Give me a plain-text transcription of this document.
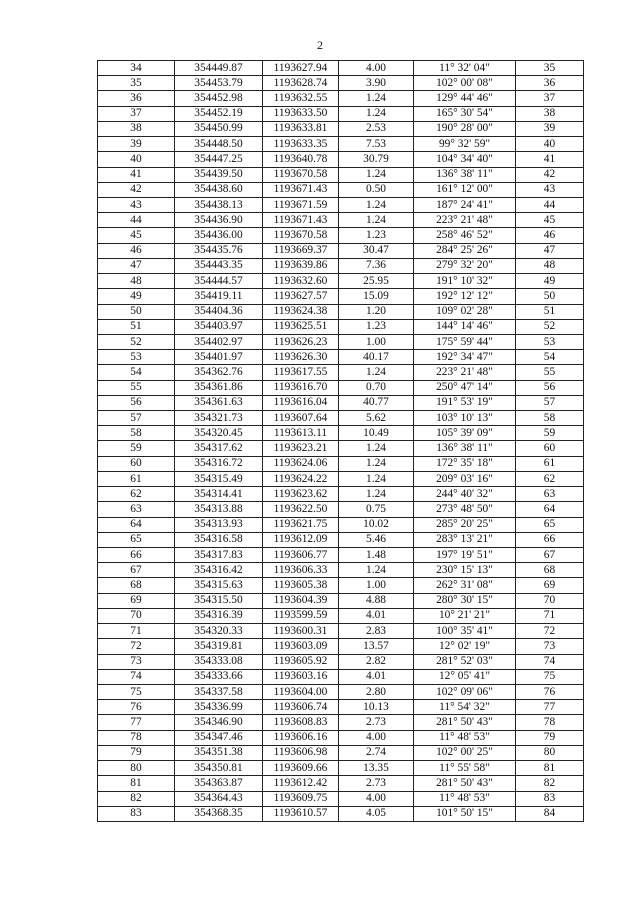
2
34	354449.87	1193627.94	4.00	11° 32' 04"	35
35	354453.79	1193628.74	3.90	102° 00' 08"	36
36	354452.98	1193632.55	1.24	129° 44' 46"	37
37	354452.19	1193633.50	1.24	165° 30' 54"	38
38	354450.99	1193633.81	2.53	190° 28' 00"	39
39	354448.50	1193633.35	7.53	99° 32' 59"	40
40	354447.25	1193640.78	30.79	104° 34' 40"	41
41	354439.50	1193670.58	1.24	136° 38' 11"	42
42	354438.60	1193671.43	0.50	161° 12' 00"	43
43	354438.13	1193671.59	1.24	187° 24' 41"	44
44	354436.90	1193671.43	1.24	223° 21' 48"	45
45	354436.00	1193670.58	1.23	258° 46' 52"	46
46	354435.76	1193669.37	30.47	284° 25' 26"	47
47	354443.35	1193639.86	7.36	279° 32' 20"	48
48	354444.57	1193632.60	25.95	191° 10' 32"	49
49	354419.11	1193627.57	15.09	192° 12' 12"	50
50	354404.36	1193624.38	1.20	109° 02' 28"	51
51	354403.97	1193625.51	1.23	144° 14' 46"	52
52	354402.97	1193626.23	1.00	175° 59' 44"	53
53	354401.97	1193626.30	40.17	192° 34' 47"	54
54	354362.76	1193617.55	1.24	223° 21' 48"	55
55	354361.86	1193616.70	0.70	250° 47' 14"	56
56	354361.63	1193616.04	40.77	191° 53' 19"	57
57	354321.73	1193607.64	5.62	103° 10' 13"	58
58	354320.45	1193613.11	10.49	105° 39' 09"	59
59	354317.62	1193623.21	1.24	136° 38' 11"	60
60	354316.72	1193624.06	1.24	172° 35' 18"	61
61	354315.49	1193624.22	1.24	209° 03' 16"	62
62	354314.41	1193623.62	1.24	244° 40' 32"	63
63	354313.88	1193622.50	0.75	273° 48' 50"	64
64	354313.93	1193621.75	10.02	285° 20' 25"	65
65	354316.58	1193612.09	5.46	283° 13' 21"	66
66	354317.83	1193606.77	1.48	197° 19' 51"	67
67	354316.42	1193606.33	1.24	230° 15' 13"	68
68	354315.63	1193605.38	1.00	262° 31' 08"	69
69	354315.50	1193604.39	4.88	280° 30' 15"	70
70	354316.39	1193599.59	4.01	10° 21' 21"	71
71	354320.33	1193600.31	2.83	100° 35' 41"	72
72	354319.81	1193603.09	13.57	12° 02' 19"	73
73	354333.08	1193605.92	2.82	281° 52' 03"	74
74	354333.66	1193603.16	4.01	12° 05' 41"	75
75	354337.58	1193604.00	2.80	102° 09' 06"	76
76	354336.99	1193606.74	10.13	11° 54' 32"	77
77	354346.90	1193608.83	2.73	281° 50' 43"	78
78	354347.46	1193606.16	4.00	11° 48' 53"	79
79	354351.38	1193606.98	2.74	102° 00' 25"	80
80	354350.81	1193609.66	13.35	11° 55' 58"	81
81	354363.87	1193612.42	2.73	281° 50' 43"	82
82	354364.43	1193609.75	4.00	11° 48' 53"	83
83	354368.35	1193610.57	4.05	101° 50' 15"	84
